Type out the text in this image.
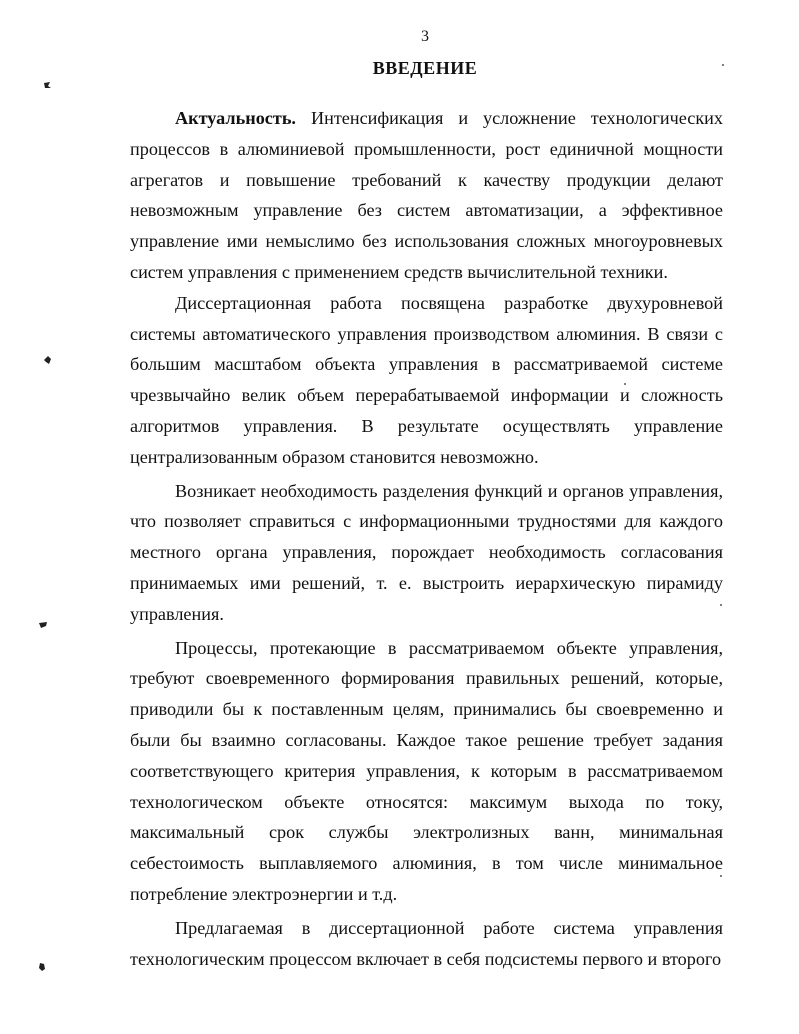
3
ВВЕДЕНИЕ

Актуальность. Интенсификация и усложнение технологических процессов в алюминиевой промышленности, рост единичной мощности агрегатов и повышение требований к качеству продукции делают невозможным управление без систем автоматизации, а эффективное управление ими немыслимо без использования сложных многоуровневых систем управления с применением средств вычислительной техники.

Диссертационная работа посвящена разработке двухуровневой системы автоматического управления производством алюминия. В связи с большим масштабом объекта управления в рассматриваемой системе чрезвычайно велик объем перерабатываемой информации и сложность алгоритмов управления. В результате осуществлять управление централизованным образом становится невозможно.

Возникает необходимость разделения функций и органов управления, что позволяет справиться с информационными трудностями для каждого местного органа управления, порождает необходимость согласования принимаемых ими решений, т. е. выстроить иерархическую пирамиду управления.

Процессы, протекающие в рассматриваемом объекте управления, требуют своевременного формирования правильных решений, которые, приводили бы к поставленным целям, принимались бы своевременно и были бы взаимно согласованы. Каждое такое решение требует задания соответствующего критерия управления, к которым в рассматриваемом технологическом объекте относятся: максимум выхода по току, максимальный срок службы электролизных ванн, минимальная себестоимость выплавляемого алюминия, в том числе минимальное потребление электроэнергии и т.д.

Предлагаемая в диссертационной работе система управления технологическим процессом включает в себя подсистемы первого и второго
